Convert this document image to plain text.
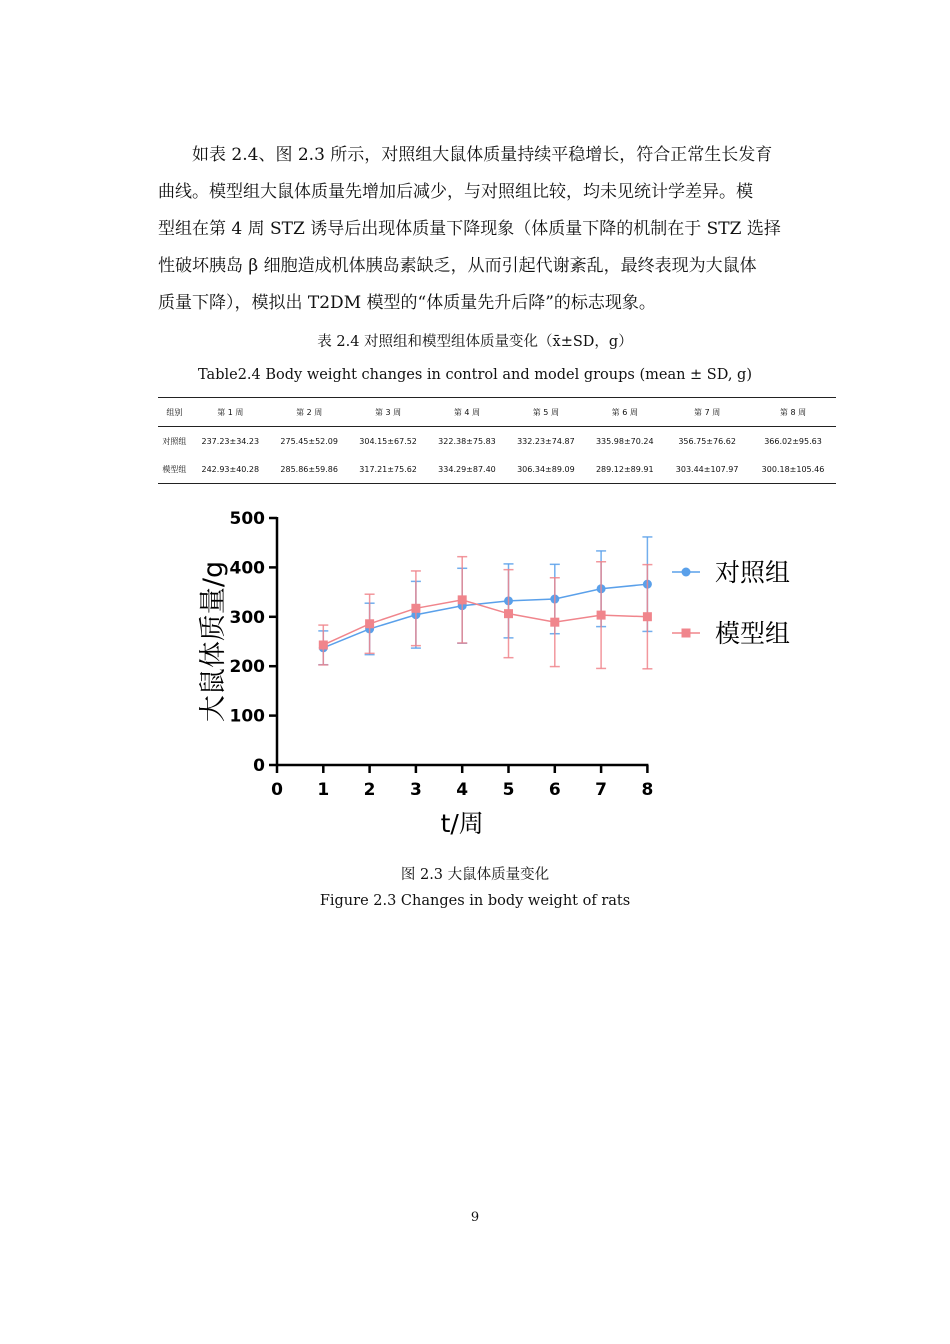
如表 2.4、图 2.3 所示，对照组大鼠体质量持续平稳增长，符合正常生长发育

曲线。模型组大鼠体质量先增加后减少，与对照组比较，均未见统计学差异。模
型组在第 4 周 STZ 诱导后出现体质量下降现象（体质量下降的机制在于 STZ 选择
性破坏胰岛 β 细胞造成机体胰岛素缺乏，从而引起代谢紊乱，最终表现为大鼠体
质量下降），模拟出 T2DM 模型的“体质量先升后降”的标志现象。
表 2.4 对照组和模型组体质量变化（x̄±SD，g）
Table2.4 Body weight changes in control and model groups (mean ± SD, g)
组别	第 1 周	第 2 周	第 3 周	第 4 周	第 5 周	第 6 周	第 7 周	第 8 周
对照组	237.23±34.23	275.45±52.09	304.15±67.52	322.38±75.83	332.23±74.87	335.98±70.24	356.75±76.62	366.02±95.63
模型组	242.93±40.28	285.86±59.86	317.21±75.62	334.29±87.40	306.34±89.09	289.12±89.91	303.44±107.97	300.18±105.46
0
100
200
300
400
500
0 1 2 3 4 5 6 7 8
t/周
大鼠体质量/g	对照组
模型组
图 2.3 大鼠体质量变化
Figure 2.3 Changes in body weight of rats
9
